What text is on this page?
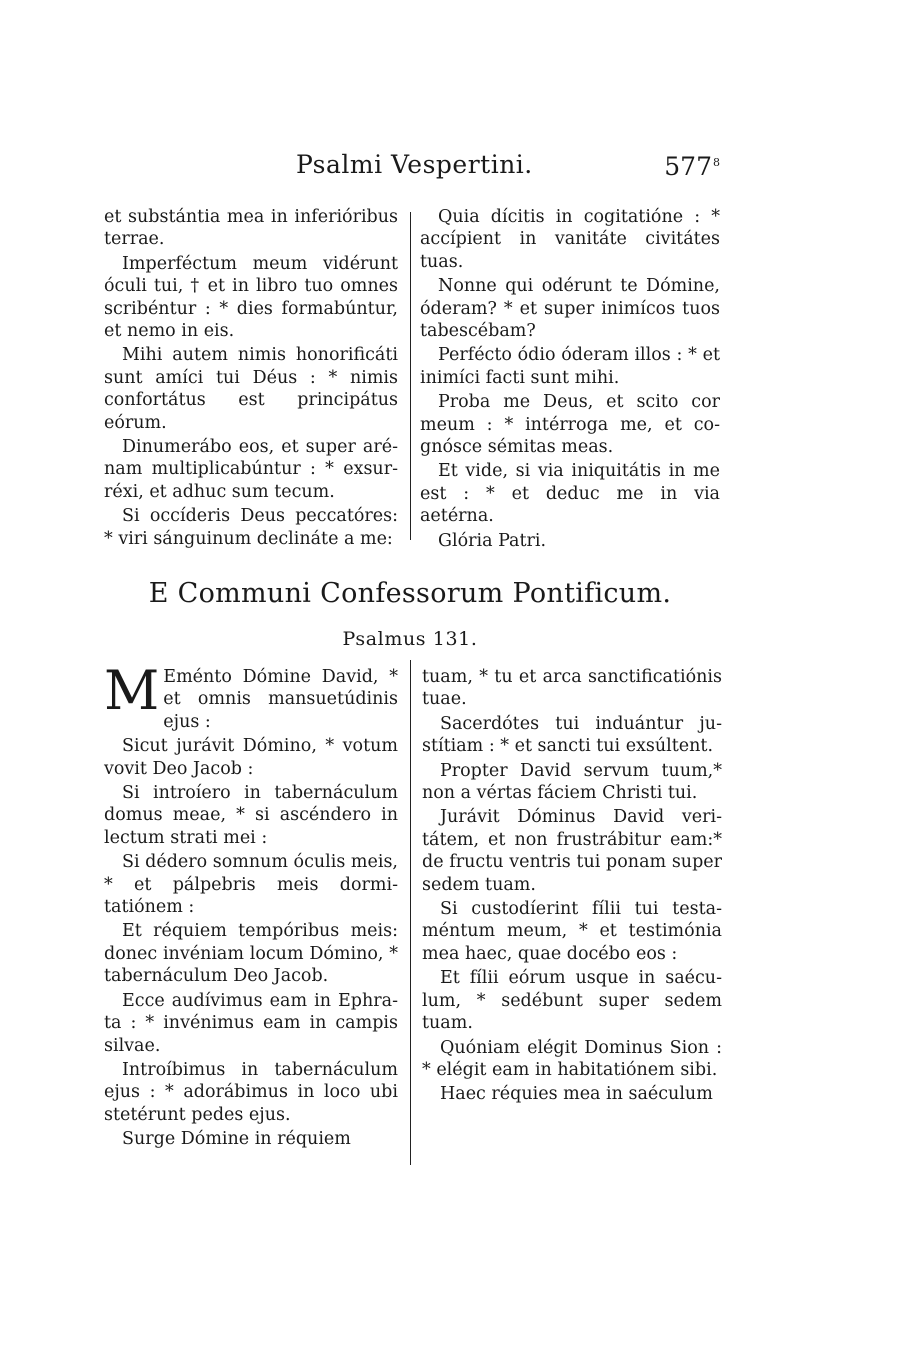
Psalmi Vespertini.	$577^8$

et substántia mea in inferióribus terrae.

Imperféctum meum vidérunt óculi tui, † et in libro tuo omnes scribéntur : * dies formabúntur, et nemo in eis.

Mihi autem nimis honorificáti sunt amíci tui Déus : * nimis confortátus est principátus eórum.

Dinumerábo eos, et super arénam multiplicabúntur : * exsurréxi, et adhuc sum tecum.

Si occíderis Deus peccatóres: * viri sánguinum declináte a me:

Quia dícitis in cogitatióne : * accípient in vanitáte civitátes tuas.

Nonne qui odérunt te Dómine, óderam? * et super inimícos tuos tabescébam?

Perfécto ódio óderam illos : * et inimíci facti sunt mihi.

Proba me Deus, et scito cor meum : * intérroga me, et cognósce sémitas meas.

Et vide, si via iniquitátis in me est : * et deduc me in via aetérna.

Glória Patri.

E Communi Confessorum Pontificum.
Psalmus 131.

M Eménto Dómine David, * et omnis mansuetúdinis ejus :

Sicut jurávit Dómino, * votum vovit Deo Jacob :

Si introíero in tabernáculum domus meae, * si ascéndero in lectum strati mei :

Si dédero somnum óculis meis, * et pálpebris meis dormitatiónem :

Et réquiem tempóribus meis: donec invéniam locum Dómino, * tabernáculum Deo Jacob.

Ecce audívimus eam in Ephrata : * invénimus eam in campis silvae.

Introíbimus in tabernáculum ejus : * adorábimus in loco ubi stetérunt pedes ejus.

Surge Dómine in réquiem

tuam, * tu et arca sanctificatiónis tuae.

Sacerdótes tui induántur justítiam : * et sancti tui exsúltent.

Propter David servum tuum,* non a vértas fáciem Christi tui.

Jurávit Dóminus David veritátem, et non frustrábitur eam:* de fructu ventris tui ponam super sedem tuam.

Si custodíerint fílii tui testaméntum meum, * et testimónia mea haec, quae docébo eos :

Et fílii eórum usque in saéculum, * sedébunt super sedem tuam.

Quóniam elégit Dominus Sion : * elégit eam in habitatiónem sibi.

Haec réquies mea in saéculum
